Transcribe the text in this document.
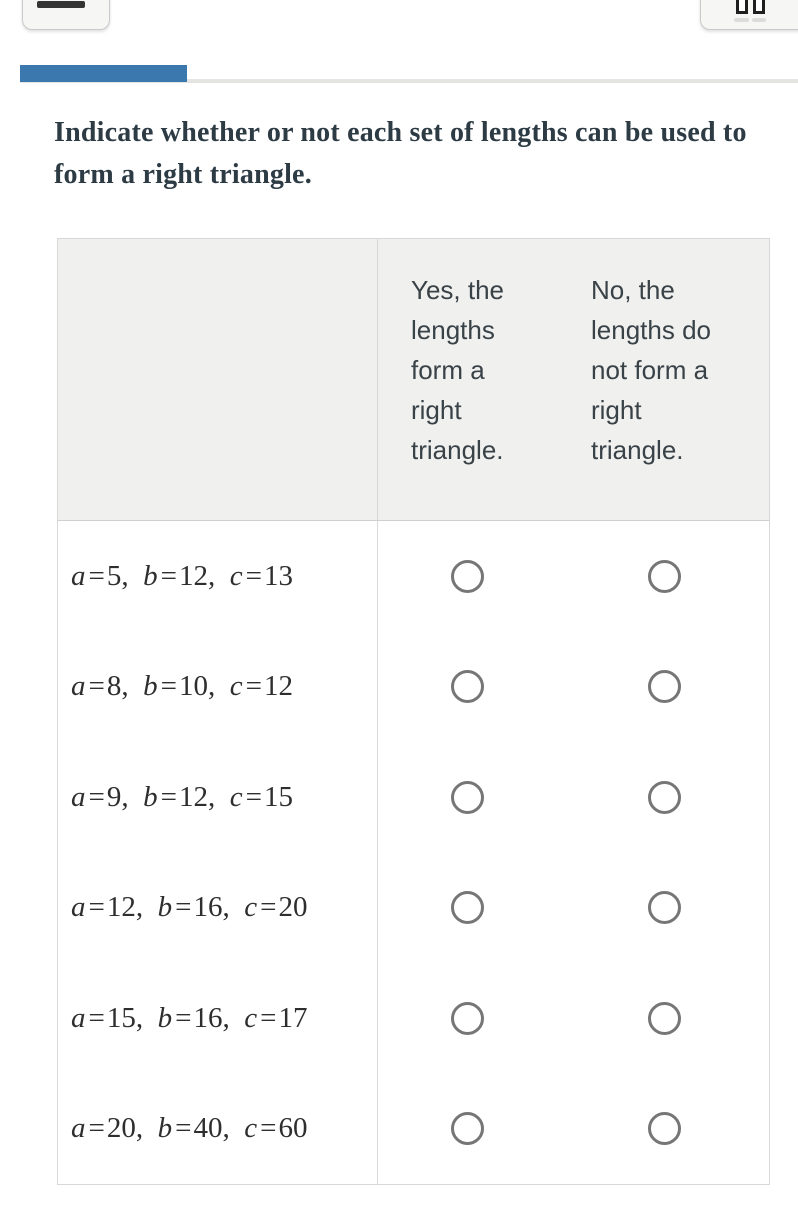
Indicate whether or not each set of lengths can be used to form a right triangle.
Yes, the lengths form a right triangle.
No, the lengths do not form a right triangle.
a = 5,  b = 12,  c = 13
a = 8,  b = 10,  c = 12
a = 9,  b = 12,  c = 15
a = 12,  b = 16,  c = 20
a = 15,  b = 16,  c = 17
a = 20,  b = 40,  c = 60
